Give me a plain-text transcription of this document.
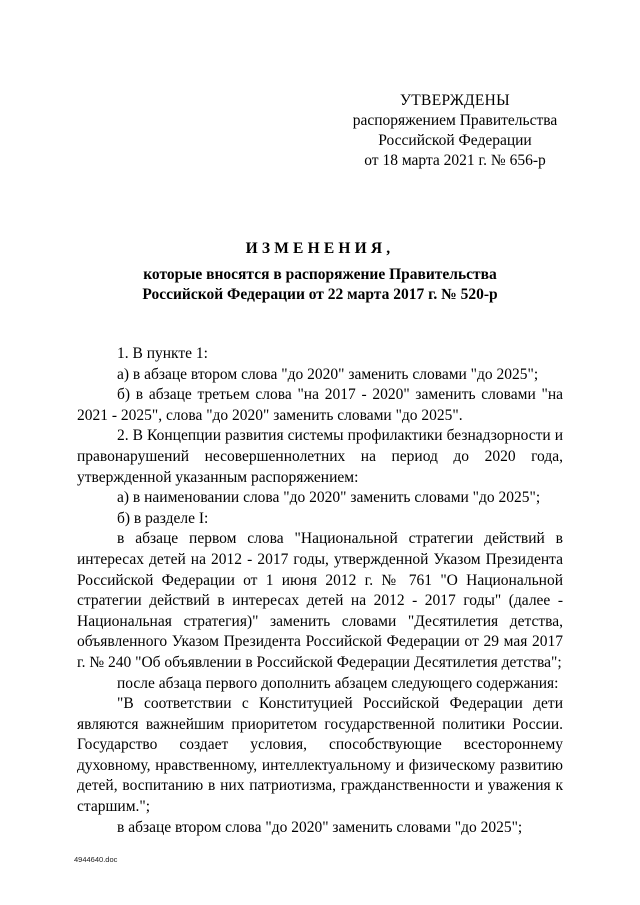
УТВЕРЖДЕНЫ
распоряжением Правительства
Российской Федерации
от 18 марта 2021 г. № 656-р
ИЗМЕНЕНИЯ,
которые вносятся в распоряжение Правительства
Российской Федерации от 22 марта 2017 г. № 520-р

1. В пункте 1:

а) в абзаце втором слова "до 2020" заменить словами "до 2025";

б) в абзаце третьем слова "на 2017 - 2020" заменить словами "на 2021 - 2025", слова "до 2020" заменить словами "до 2025".

2. В Концепции развития системы профилактики безнадзорности и правонарушений несовершеннолетних на период до 2020 года, утвержденной указанным распоряжением:

а) в наименовании слова "до 2020" заменить словами "до 2025";

б) в разделе I:

в абзаце первом слова "Национальной стратегии действий в интересах детей на 2012 - 2017 годы, утвержденной Указом Президента Российской Федерации от 1 июня 2012 г. № 761 "О Национальной стратегии действий в интересах детей на 2012 - 2017 годы" (далее - Национальная стратегия)" заменить словами "Десятилетия детства, объявленного Указом Президента Российской Федерации от 29 мая 2017 г. № 240 "Об объявлении в Российской Федерации Десятилетия детства";

после абзаца первого дополнить абзацем следующего содержания:

"В соответствии с Конституцией Российской Федерации дети являются важнейшим приоритетом государственной политики России. Государство создает условия, способствующие всестороннему духовному, нравственному, интеллектуальному и физическому развитию детей, воспитанию в них патриотизма, гражданственности и уважения к старшим.";

в абзаце втором слова "до 2020" заменить словами "до 2025";

4944640.doc
